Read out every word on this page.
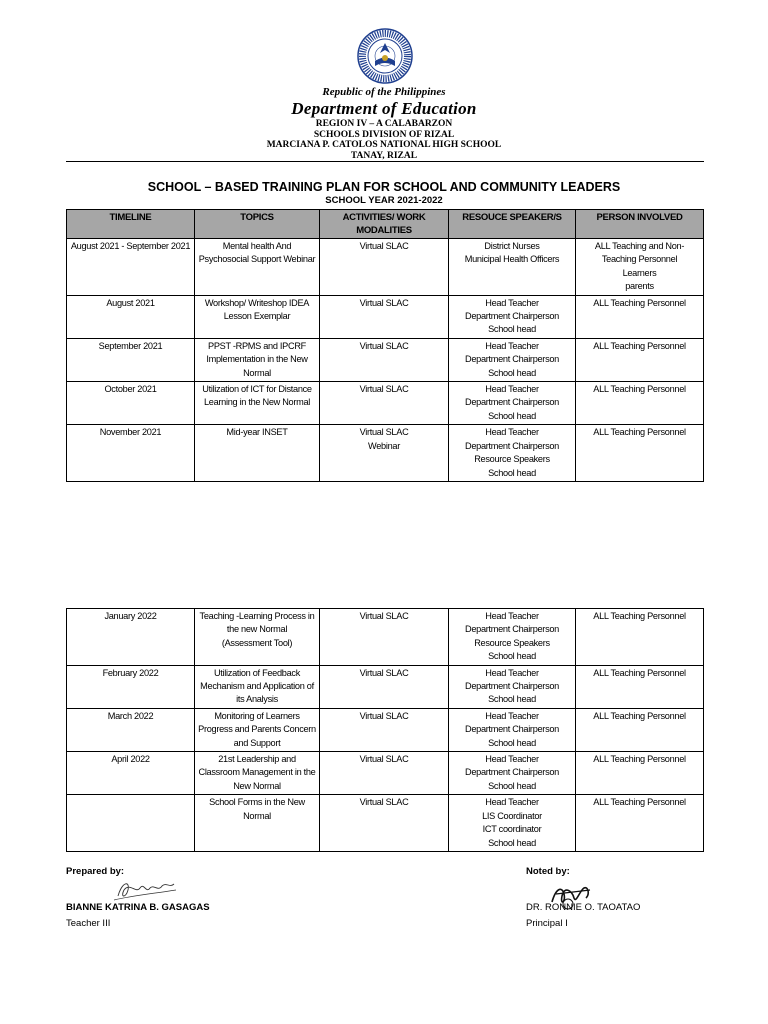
Republic of the Philippines
Department of Education
REGION IV – A CALABARZON
SCHOOLS DIVISION OF RIZAL
MARCIANA P. CATOLOS NATIONAL HIGH SCHOOL
TANAY, RIZAL
SCHOOL – BASED TRAINING PLAN FOR SCHOOL AND COMMUNITY LEADERS
SCHOOL YEAR 2021-2022
TIMELINE	TOPICS	ACTIVITIES/ WORK MODALITIES	RESOUCE SPEAKER/S	PERSON INVOLVED
August 2021 - September 2021	Mental health And Psychosocial Support Webinar	Virtual SLAC	District Nurses
Municipal Health Officers	ALL Teaching and Non-Teaching Personnel
Learners
parents
August 2021	Workshop/ Writeshop IDEA Lesson Exemplar	Virtual SLAC	Head Teacher
Department Chairperson
School head	ALL Teaching Personnel
September 2021	PPST -RPMS and IPCRF Implementation in the New Normal	Virtual SLAC	Head Teacher
Department Chairperson
School head	ALL Teaching Personnel
October 2021	Utilization of ICT for Distance Learning in the New Normal	Virtual SLAC	Head Teacher
Department Chairperson
School head	ALL Teaching Personnel
November 2021	Mid-year INSET	Virtual SLAC
Webinar	Head Teacher
Department Chairperson
Resource Speakers
School head	ALL Teaching Personnel
January 2022	Teaching -Learning Process in the new Normal
(Assessment Tool)	Virtual SLAC	Head Teacher
Department Chairperson
Resource Speakers
School head	ALL Teaching Personnel
February 2022	Utilization of Feedback Mechanism and Application of its Analysis	Virtual SLAC	Head Teacher
Department Chairperson
School head	ALL Teaching Personnel
March 2022	Monitoring of Learners Progress and Parents Concern and Support	Virtual SLAC	Head Teacher
Department Chairperson
School head	ALL Teaching Personnel
April 2022	21st Leadership and Classroom Management in the New Normal	Virtual SLAC	Head Teacher
Department Chairperson
School head	ALL Teaching Personnel
	School Forms in the New Normal	Virtual SLAC	Head Teacher
LIS Coordinator
ICT coordinator
School head	ALL Teaching Personnel
Prepared by:
BIANNE KATRINA B. GASAGAS
Teacher III
Noted by:
DR. RONNIE O. TAOATAO
Principal I
